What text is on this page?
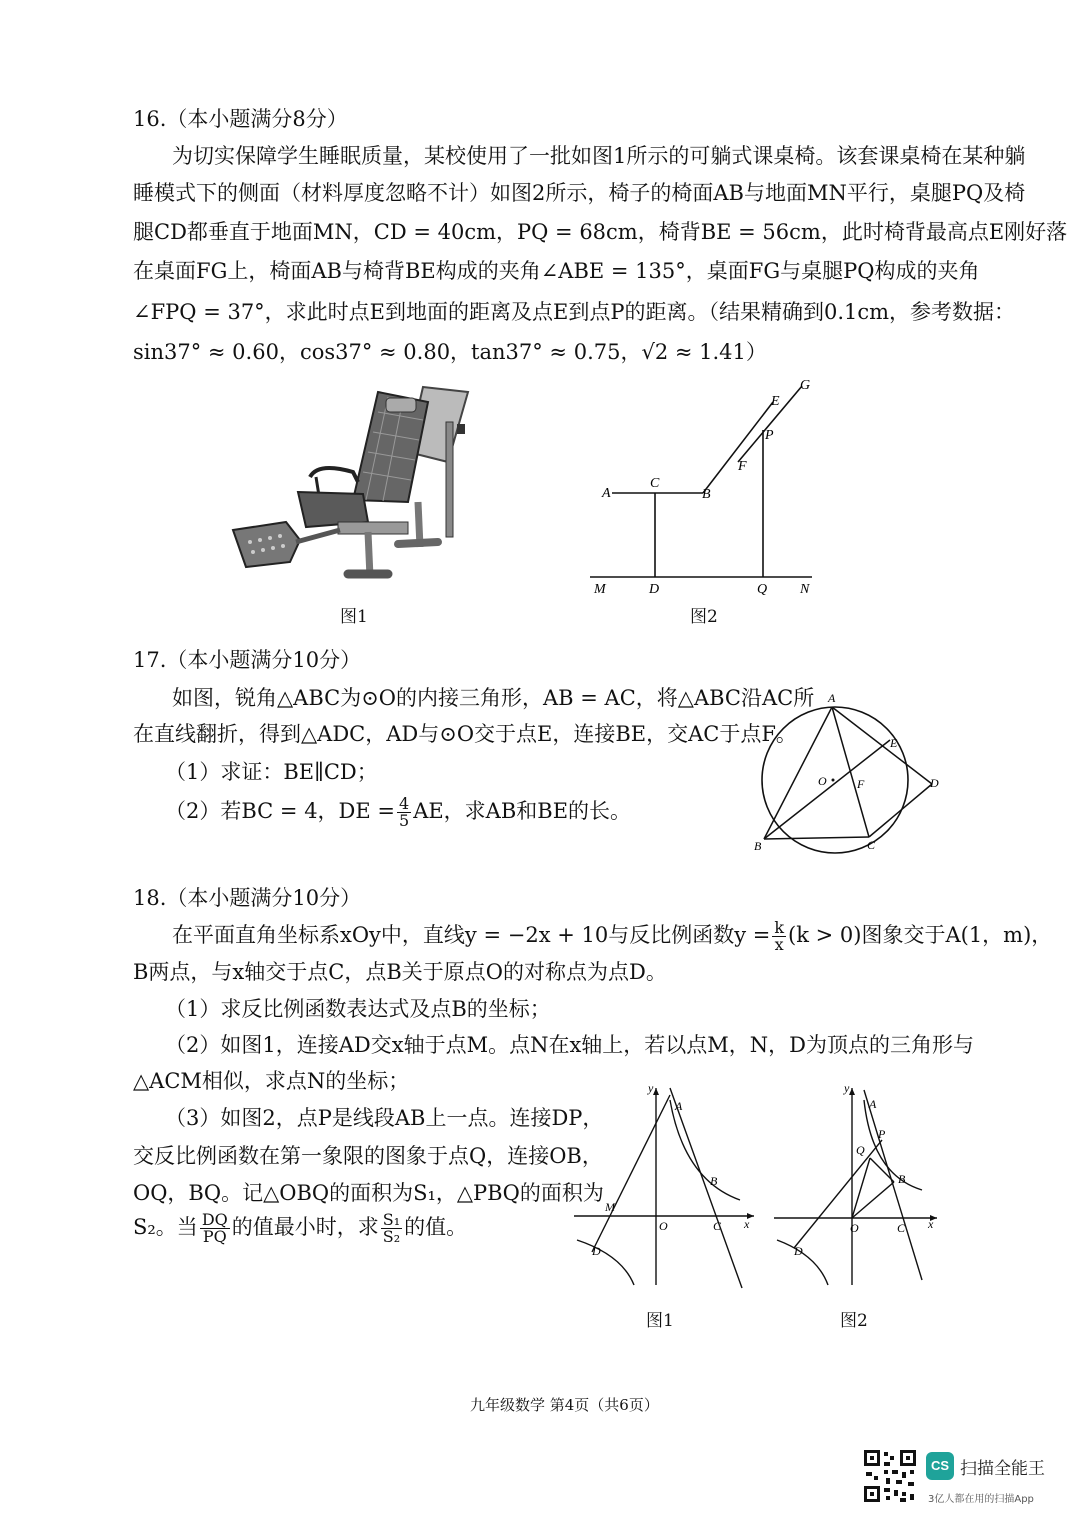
16.（本小题满分8分）
为切实保障学生睡眠质量，某校使用了一批如图1所示的可躺式课桌椅。该套课桌椅在某种躺
睡模式下的侧面（材料厚度忽略不计）如图2所示，椅子的椅面AB与地面MN平行，桌腿PQ及椅
腿CD都垂直于地面MN，CD = 40cm，PQ = 68cm，椅背BE = 56cm，此时椅背最高点E刚好落
在桌面FG上，椅面AB与椅背BE构成的夹角∠ABE = 135°，桌面FG与桌腿PQ构成的夹角
∠FPQ = 37°，求此时点E到地面的距离及点E到点P的距离。（结果精确到0.1cm，参考数据：
sin37° ≈ 0.60，cos37° ≈ 0.80，tan37° ≈ 0.75，√2 ≈ 1.41）
图1
G
E
P
F
A
C
B
M	D	Q N
图2
17.（本小题满分10分）
如图，锐角△ABC为⊙O的内接三角形，AB = AC，将△ABC沿AC所
在直线翻折，得到△ADC，AD与⊙O交于点E，连接BE，交AC于点F。
（1）求证：BE∥CD；
（2）若BC = 4，DE = $\frac{4}{5}$ AE，求AB和BE的长。
A
E
O	F	D
B	C
18.（本小题满分10分）
在平面直角坐标系xOy中，直线y = −2x + 10与反比例函数$y = \frac{k}{x} (k > 0)$图象交于A(1，m)，
B两点，与x轴交于点C，点B关于原点O的对称点为点D。
（1）求反比例函数表达式及点B的坐标；
（2）如图1，连接AD交x轴于点M。点N在x轴上，若以点M，N，D为顶点的三角形与
△ACM相似，求点N的坐标；
（3）如图2，点P是线段AB上一点。连接DP，
交反比例函数在第一象限的图象于点Q，连接OB，
OQ，BQ。记△OBQ的面积为S₁，△PBQ的面积为
S₂。当 $\frac{DQ}{PQ}$ 的值最小时，求 $\frac{\text{S₁}}{\text{S₂}}$ 的值。
y
A
B
M
O	C x
D
图1
y
A
P
Q
B
O	C x
D
图2
九年级数学 第4页（共6页）
CS 扫描全能王
3亿人都在用的扫描App
